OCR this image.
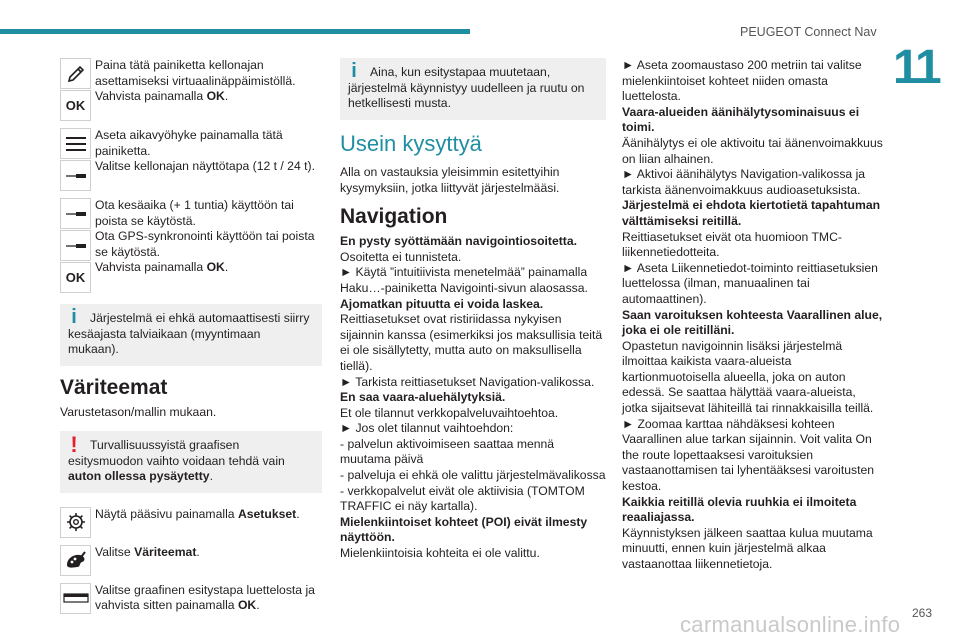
PEUGEOT Connect Nav
11
OK

Paina tätä painiketta kellonajan asettamiseksi virtuaalinäppäimistöllä.

Vahvista painamalla OK.

Aseta aikavyöhyke painamalla tätä painiketta.

Valitse kellonajan näyttötapa (12 t / 24 t).

OK

Ota kesäaika (+ 1 tuntia) käyttöön tai poista se käytöstä.

Ota GPS-synkronointi käyttöön tai poista se käytöstä.

Vahvista painamalla OK.

i	Järjestelmä ei ehkä automaattisesti siirry kesäajasta talviaikaan (myyntimaan mukaan).
Väriteemat

Varustetason/mallin mukaan.

!	Turvallisuussyistä graafisen esitysmuodon vaihto voidaan tehdä vain auton ollessa pysäytetty.

Näytä pääsivu painamalla Asetukset.

Valitse Väriteemat.

Valitse graafinen esitystapa luettelosta ja vahvista sitten painamalla OK.

i	Aina, kun esitystapaa muutetaan, järjestelmä käynnistyy uudelleen ja ruutu on hetkellisesti musta.
Usein kysyttyä

Alla on vastauksia yleisimmin esitettyihin kysymyksiin, jotka liittyvät järjestelmääsi.

Navigation

En pysty syöttämään navigointiosoitetta.

Osoitetta ei tunnisteta.

► Käytä ”intuitiivista menetelmää” painamalla Haku…-painiketta Navigointi-sivun alaosassa.

Ajomatkan pituutta ei voida laskea.

Reittiasetukset ovat ristiriidassa nykyisen sijainnin kanssa (esimerkiksi jos maksullisia teitä ei ole sisällytetty, mutta auto on maksullisella tiellä).

► Tarkista reittiasetukset Navigation-valikossa.

En saa vaara-aluehälytyksiä.

Et ole tilannut verkkopalveluvaihtoehtoa.

► Jos olet tilannut vaihtoehdon:

- palvelun aktivoimiseen saattaa mennä muutama päivä

- palveluja ei ehkä ole valittu järjestelmävalikossa

- verkkopalvelut eivät ole aktiivisia (TOMTOM TRAFFIC ei näy kartalla).

Mielenkiintoiset kohteet (POI) eivät ilmesty näyttöön.

Mielenkiintoisia kohteita ei ole valittu.

► Aseta zoomaustaso 200 metriin tai valitse mielenkiintoiset kohteet niiden omasta luettelosta.

Vaara-alueiden äänihälytysominaisuus ei toimi.

Äänihälytys ei ole aktivoitu tai äänenvoimakkuus on liian alhainen.

► Aktivoi äänihälytys Navigation-valikossa ja tarkista äänenvoimakkuus audioasetuksista.

Järjestelmä ei ehdota kiertotietä tapahtuman välttämiseksi reitillä.

Reittiasetukset eivät ota huomioon TMC-liikennetiedotteita.

► Aseta Liikennetiedot-toiminto reittiasetuksien luettelossa (ilman, manuaalinen tai automaattinen).

Saan varoituksen kohteesta Vaarallinen alue, joka ei ole reitilläni.

Opastetun navigoinnin lisäksi järjestelmä ilmoittaa kaikista vaara-alueista kartionmuotoisella alueella, joka on auton edessä. Se saattaa hälyttää vaara-alueista, jotka sijaitsevat lähiteillä tai rinnakkaisilla teillä.

► Zoomaa karttaa nähdäksesi kohteen Vaarallinen alue tarkan sijainnin. Voit valita On the route lopettaaksesi varoituksien vastaanottamisen tai lyhentääksesi varoitusten kestoa.

Kaikkia reitillä olevia ruuhkia ei ilmoiteta reaaliajassa.

Käynnistyksen jälkeen saattaa kulua muutama minuutti, ennen kuin järjestelmä alkaa vastaanottaa liikennetietoja.

carmanualsonline.info 263
